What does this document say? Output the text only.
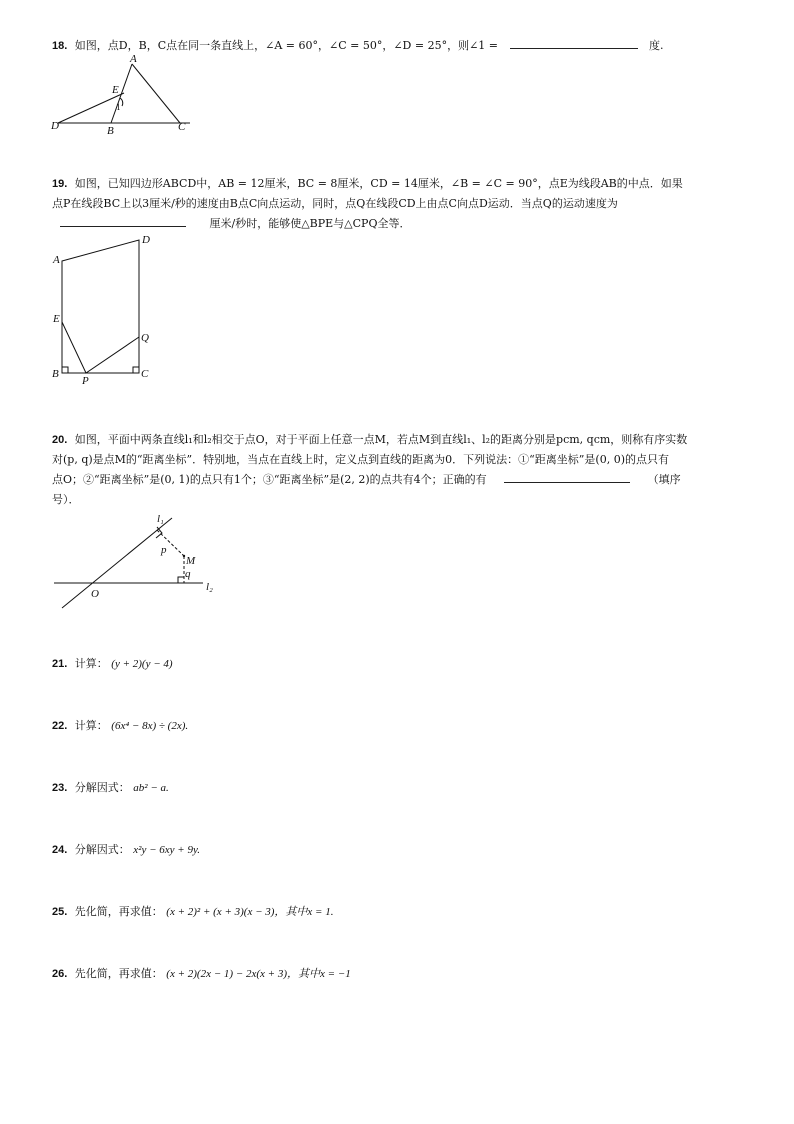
18. 如图，点D，B，C点在同一条直线上，∠A = 60°，∠C = 50°，∠D = 25°，则∠1 =	度.
A
E
1
D	B	C
19. 如图，已知四边形ABCD中，AB = 12厘米，BC = 8厘米，CD = 14厘米，∠B = ∠C = 90°，点E为线段AB的中点．如果
点P在线段BC上以3厘米/秒的速度由B点C向点运动，同时，点Q在线段CD上由点C向点D运动．当点Q的运动速度为
厘米/秒时，能够使△BPE与△CPQ全等．
A
D
E
Q
B
P
C
20. 如图，平面中两条直线l₁和l₂相交于点O，对于平面上任意一点M，若点M到直线l₁、l₂的距离分别是pcm, qcm，则称有序实数
对(p, q)是点M的“距离坐标”．特别地，当点在直线上时，定义点到直线的距离为0．下列说法：①“距离坐标”是(0, 0)的点只有
点O；②“距离坐标”是(0, 1)的点只有1个；③“距离坐标”是(2, 2)的点共有4个；正确的有	（填序
号）．
l₁
p
M
q
O
l₂
21. 计算： (y + 2)(y − 4)
22. 计算： (6x⁴ − 8x) ÷ (2x).
23. 分解因式： ab² − a.
24. 分解因式： x²y − 6xy + 9y.
25. 先化简，再求值： (x + 2)² + (x + 3)(x − 3)，其中x = 1.
26. 先化简，再求值： (x + 2)(2x − 1) − 2x(x + 3)，其中x = −1
